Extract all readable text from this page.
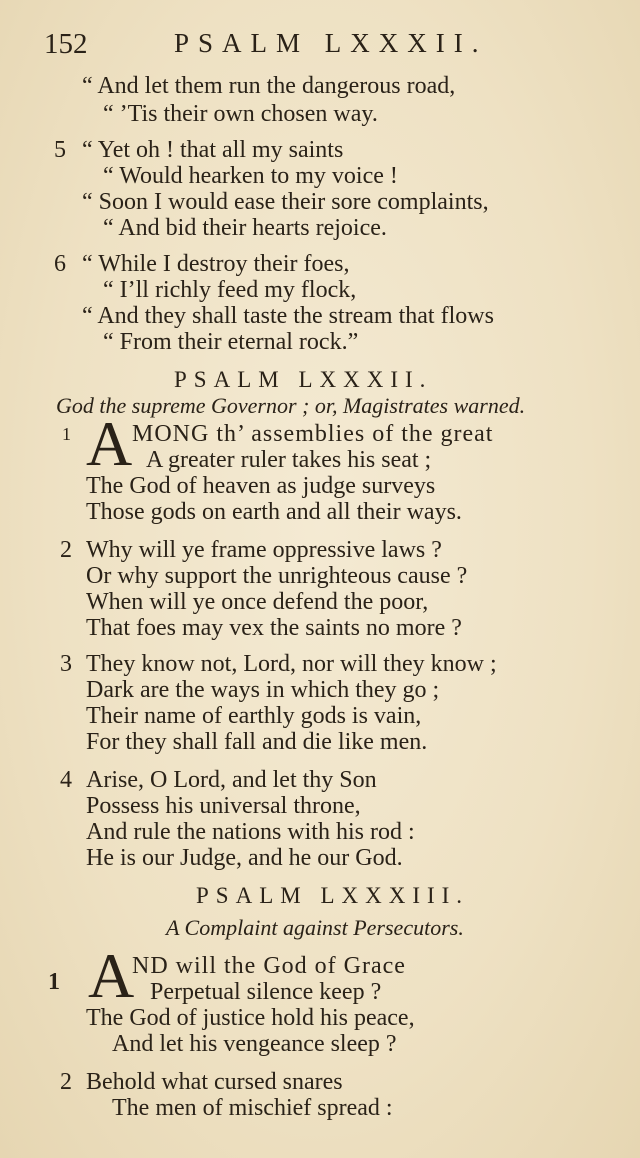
152	PSALM LXXXII.
“ And let them run the dangerous road,
“ ’Tis their own chosen way.
5 “ Yet oh ! that all my saints
“ Would hearken to my voice !
“ Soon I would ease their sore complaints,
“ And bid their hearts rejoice.
6 “ While I destroy their foes,
“ I’ll richly feed my flock,
“ And they shall taste the stream that flows
“ From their eternal rock.”
PSALM LXXXII.
God the supreme Governor ; or, Magistrates warned.
1 A MONG th’ assemblies of the great
A greater ruler takes his seat ;
The God of heaven as judge surveys
Those gods on earth and all their ways.
2 Why will ye frame oppressive laws ?
Or why support the unrighteous cause ?
When will ye once defend the poor,
That foes may vex the saints no more ?
3 They know not, Lord, nor will they know ;
Dark are the ways in which they go ;
Their name of earthly gods is vain,
For they shall fall and die like men.
4 Arise, O Lord, and let thy Son
Possess his universal throne,
And rule the nations with his rod :
He is our Judge, and he our God.
PSALM LXXXIII.
A Complaint against Persecutors.
1 A
ND will the God of Grace
Perpetual silence keep ?
The God of justice hold his peace,
And let his vengeance sleep ?
2 Behold what cursed snares
The men of mischief spread :
